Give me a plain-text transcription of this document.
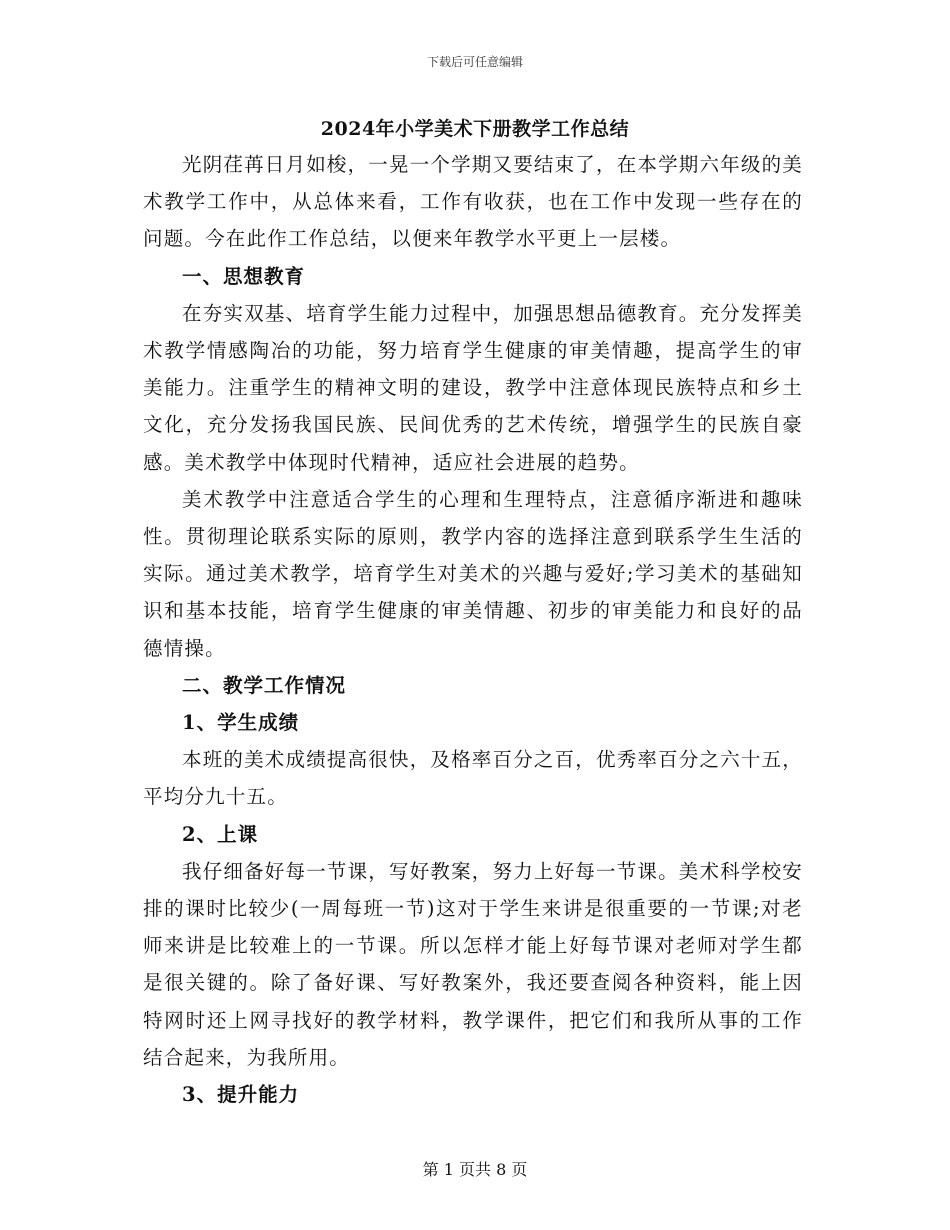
下载后可任意编辑
2024年小学美术下册教学工作总结

光阴荏苒日月如梭，一晃一个学期又要结束了，在本学期六年级的美术教学工作中，从总体来看，工作有收获，也在工作中发现一些存在的问题。今在此作工作总结，以便来年教学水平更上一层楼。

一、思想教育

在夯实双基、培育学生能力过程中，加强思想品德教育。充分发挥美术教学情感陶冶的功能，努力培育学生健康的审美情趣，提高学生的审美能力。注重学生的精神文明的建设，教学中注意体现民族特点和乡土文化，充分发扬我国民族、民间优秀的艺术传统，增强学生的民族自豪感。美术教学中体现时代精神，适应社会进展的趋势。

美术教学中注意适合学生的心理和生理特点，注意循序渐进和趣味性。贯彻理论联系实际的原则，教学内容的选择注意到联系学生生活的实际。通过美术教学，培育学生对美术的兴趣与爱好;学习美术的基础知识和基本技能，培育学生健康的审美情趣、初步的审美能力和良好的品德情操。

二、教学工作情况

1、学生成绩

本班的美术成绩提高很快，及格率百分之百，优秀率百分之六十五，平均分九十五。

2、上课

我仔细备好每一节课，写好教案，努力上好每一节课。美术科学校安排的课时比较少(一周每班一节)这对于学生来讲是很重要的一节课;对老师来讲是比较难上的一节课。所以怎样才能上好每节课对老师对学生都是很关键的。除了备好课、写好教案外，我还要查阅各种资料，能上因特网时还上网寻找好的教学材料，教学课件，把它们和我所从事的工作结合起来，为我所用。

3、提升能力

第 1 页共 8 页
